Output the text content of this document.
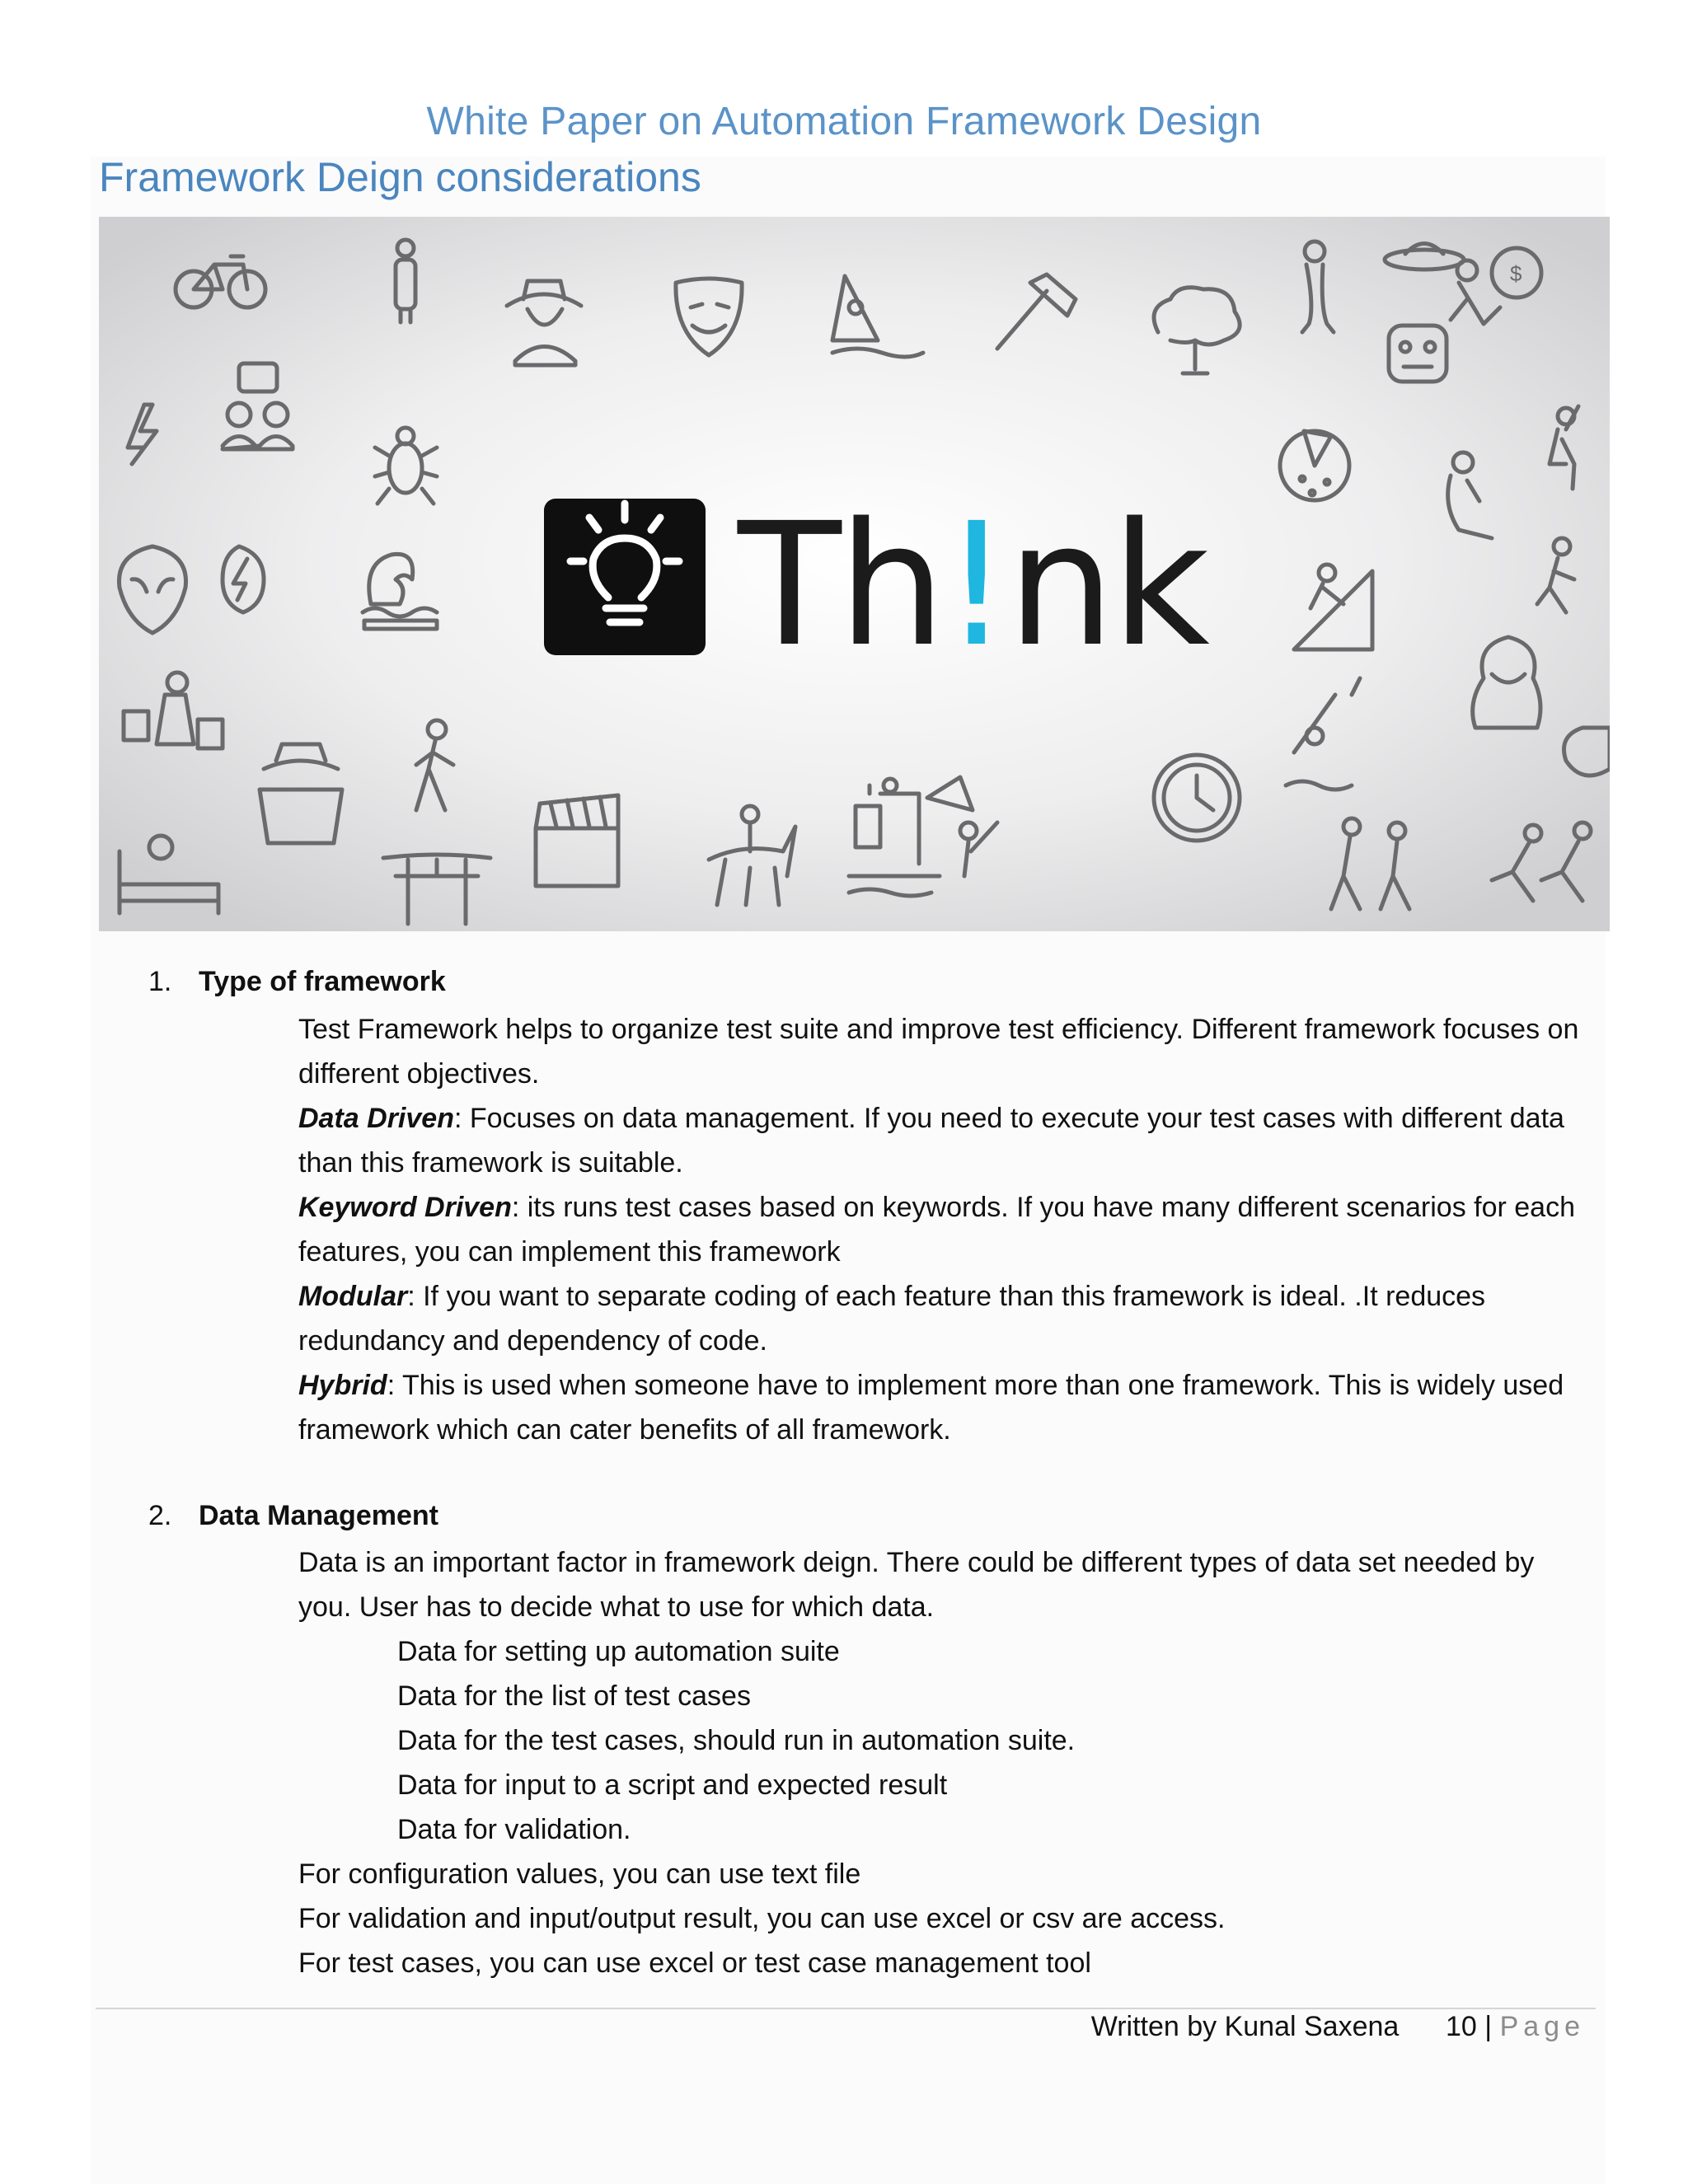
White Paper on Automation Framework Design
Framework Deign considerations
$
Th!nk
1. Type of framework

Test Framework helps to organize test suite and improve test efficiency. Different framework focuses on

different objectives.

Data Driven: Focuses on data management. If you need to execute your test cases with different data

than this framework is suitable.

Keyword Driven: its runs test cases based on keywords. If you have many different scenarios for each

features, you can implement this framework

Modular: If you want to separate coding of each feature than this framework is ideal. .It reduces

redundancy and dependency of code.

Hybrid: This is used when someone have to implement more than one framework. This is widely used

framework which can cater benefits of all framework.

2. Data Management

Data is an important factor in framework deign. There could be different types of data set needed by

you. User has to decide what to use for which data.

Data for setting up automation suite

Data for the list of test cases

Data for the test cases, should run in automation suite.

Data for input to a script and expected result

Data for validation.

For configuration values, you can use text file

For validation and input/output result, you can use excel or csv are access.

For test cases, you can use excel or test case management tool

Written by Kunal Saxena 10 | Page
